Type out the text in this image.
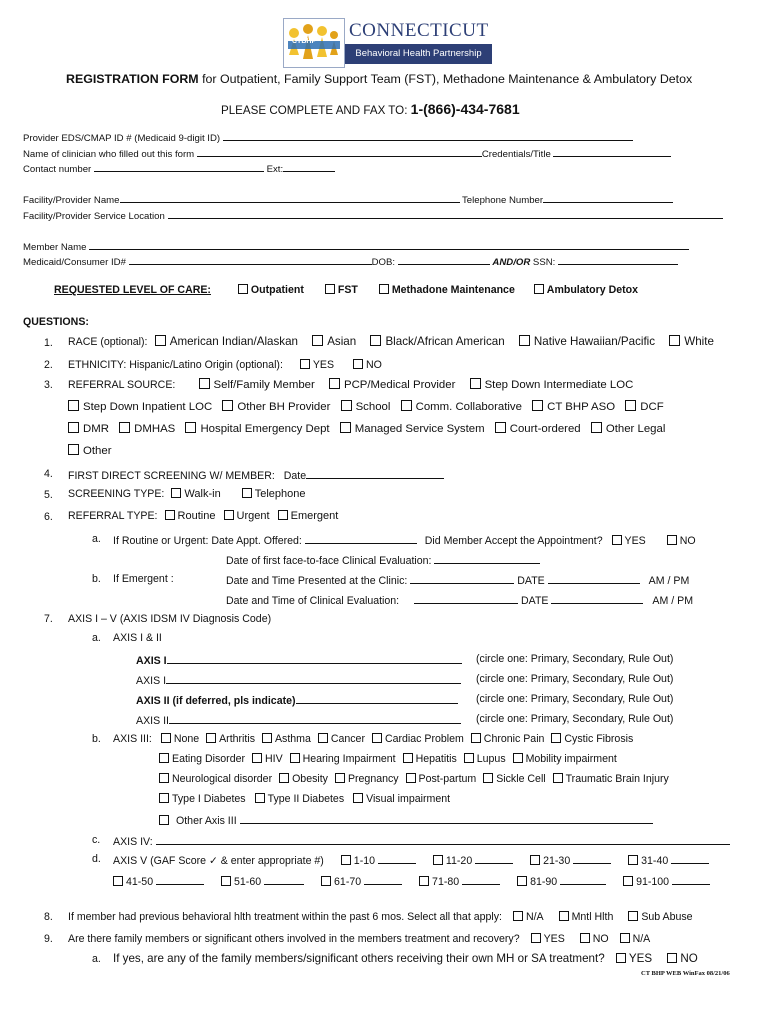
CTBHP
CONNECTICUT
Behavioral Health Partnership
REGISTRATION FORM for Outpatient, Family Support Team (FST), Methadone Maintenance & Ambulatory Detox
PLEASE COMPLETE AND FAX TO: 1-(866)-434-7681
Provider EDS/CMAP ID # (Medicaid 9-digit ID)
Name of clinician who filled out this form	Credentials/Title
Contact number	Ext:
Facility/Provider Name	Telephone Number
Facility/Provider Service Location
Member Name
Medicaid/Consumer ID#	DOB:	AND/OR SSN:
REQUESTED LEVEL OF CARE:	Outpatient	FST	Methadone Maintenance	Ambulatory Detox
QUESTIONS:
1. RACE (optional): American Indian/Alaskan	Asian	Black/African American	Native Hawaiian/Pacific	White
2. ETHNICITY: Hispanic/Latino Origin (optional):	YES	NO
3. REFERRAL SOURCE:	Self/Family Member	PCP/Medical Provider	Step Down Intermediate LOC
Step Down Inpatient LOC Other BH Provider School Comm. Collaborative CT BHP ASO DCF
DMR DMHAS Hospital Emergency Dept Managed Service System Court-ordered Other Legal
Other
4. FIRST DIRECT SCREENING W/ MEMBER: Date
5. SCREENING TYPE: Walk-in	Telephone
6. REFERRAL TYPE: Routine Urgent Emergent
a. If Routine or Urgent: Date Appt. Offered:	Did Member Accept the Appointment? YES	NO
Date of first face-to-face Clinical Evaluation:
b. If Emergent :	Date and Time Presented at the Clinic:	DATE	AM / PM
Date and Time of Clinical Evaluation:	DATE	AM / PM
7. AXIS I – V (AXIS IDSM IV Diagnosis Code)
a. AXIS I & II
AXIS I	(circle one: Primary, Secondary, Rule Out)
AXIS I	(circle one: Primary, Secondary, Rule Out)
AXIS II (if deferred, pls indicate)	(circle one: Primary, Secondary, Rule Out)
AXIS II	(circle one: Primary, Secondary, Rule Out)
b. AXIS III: None Arthritis Asthma Cancer Cardiac Problem Chronic Pain Cystic Fibrosis
Eating Disorder HIV Hearing Impairment Hepatitis Lupus Mobility impairment
Neurological disorder Obesity Pregnancy Post-partum Sickle Cell Traumatic Brain Injury
Type I Diabetes Type II Diabetes Visual impairment
Other Axis III
c. AXIS IV:
d. AXIS V (GAF Score ✓ & enter appropriate #)	1-10	11-20	21-30	31-40
41-50	51-60	61-70	71-80	81-90	91-100
8. If member had previous behavioral hlth treatment within the past 6 mos. Select all that apply: N/A	Mntl Hlth	Sub Abuse
9. Are there family members or significant others involved in the members treatment and recovery? YES	NO N/A
a. If yes, are any of the family members/significant others receiving their own MH or SA treatment? YES NO
CT BHP WEB WinFax 08/21/06
